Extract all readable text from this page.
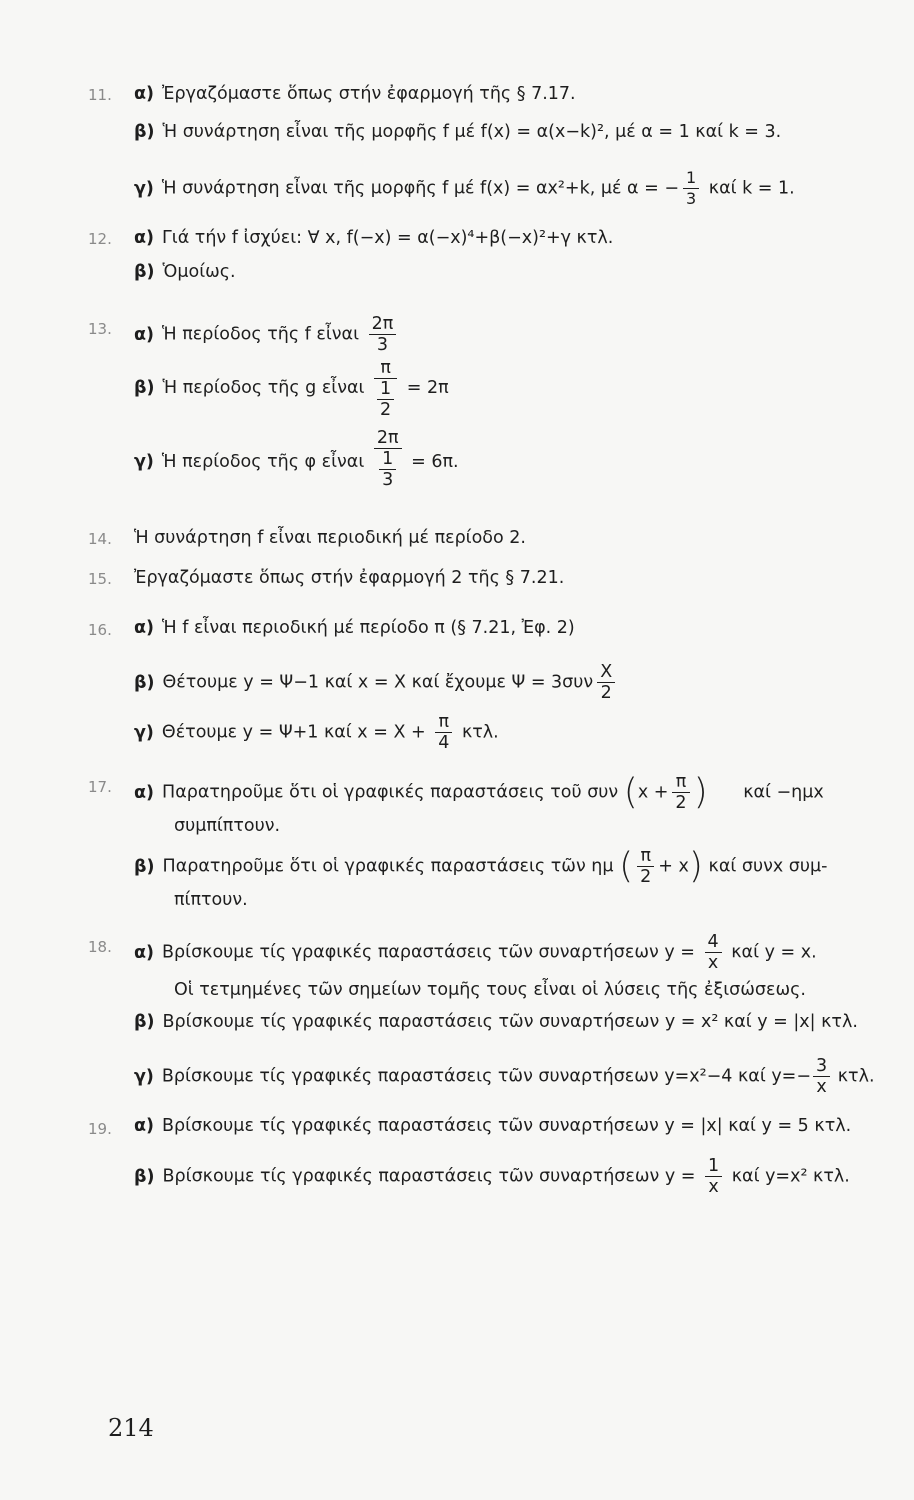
11. α) Ἐργαζόμαστε ὅπως στήν ἐφαρμογή τῆς § 7.17.
β) Ἡ συνάρτηση εἶναι τῆς μορφῆς f μέ f(x) = α(x−k)², μέ α = 1 καί k = 3.
γ) Ἡ συνάρτηση εἶναι τῆς μορφῆς f μέ f(x) = αx²+k, μέ α = − $\frac{1}{3}$ καί k = 1.
12. α) Γιά τήν f ἰσχύει: ∀ x, f(−x) = α(−x)⁴+β(−x)²+γ κτλ.
β) Ὁμοίως.
13. α) Ἡ περίοδος τῆς f εἶναι $\frac{2\pi}{3}$
β) Ἡ περίοδος τῆς g εἶναι $\frac{\pi}{\frac{1}{2}} = 2\pi$
γ) Ἡ περίοδος τῆς φ εἶναι $\frac{2\pi}{\frac{1}{3}} = 6\pi$.
14. Ἡ συνάρτηση f εἶναι περιοδική μέ περίοδο 2.
15. Ἐργαζόμαστε ὅπως στήν ἐφαρμογή 2 τῆς § 7.21.
16. α) Ἡ f εἶναι περιοδική μέ περίοδο π (§ 7.21, Ἐφ. 2)
β) Θέτουμε y = Ψ−1 καί x = X καί ἔχουμε $\Psi = 3\sigma\upsilon\nu \frac{X}{2}$
γ) Θέτουμε y = Ψ+1 καί $x = X + \frac{\pi}{4} \kappa\tau\lambda$.
17. α) Παρατηροῦμε ὅτι οἱ γραφικές παραστάσεις τοῦ συν ($x + \frac{\pi}{2}$ ) καί −ημx
συμπίπτουν.
β) Παρατηροῦμε ὅτι οἱ γραφικές παραστάσεις τῶν ημ ( $\frac{\pi}{2} + x$) καί συνx συμ-
πίπτουν.
18. α) Βρίσκουμε τίς γραφικές παραστάσεις τῶν συναρτήσεων $y = \frac{4}{x}$ καί y = x.
Οἱ τετμημένες τῶν σημείων τομῆς τους εἶναι οἱ λύσεις τῆς ἐξισώσεως.
β) Βρίσκουμε τίς γραφικές παραστάσεις τῶν συναρτήσεων y = x² καί y = |x| κτλ.
γ) Βρίσκουμε τίς γραφικές παραστάσεις τῶν συναρτήσεων y=x²−4 καί $y=- \frac{3}{x} \kappa\tau\lambda$.
19. α) Βρίσκουμε τίς γραφικές παραστάσεις τῶν συναρτήσεων y = |x| καί y = 5 κτλ.
β) Βρίσκουμε τίς γραφικές παραστάσεις τῶν συναρτήσεων $y = \frac{1}{x}$ καί y=x² κτλ.
214
